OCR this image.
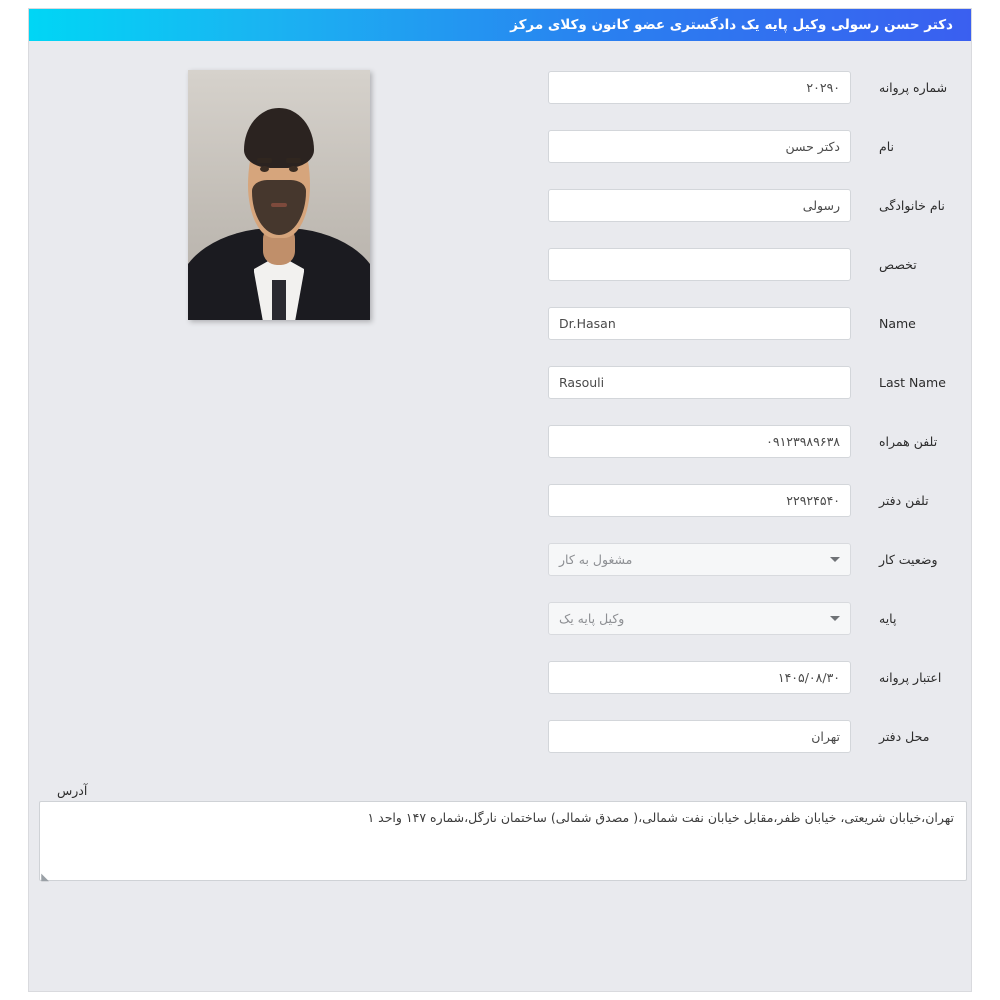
دکتر حسن رسولی وکیل پایه یک دادگستری عضو کانون وکلای مرکز
شماره پروانه
۲۰۲۹۰
نام
دکتر حسن
نام خانوادگی
رسولی
تخصص
Name
Dr.Hasan
Last Name
Rasouli
تلفن همراه
۰۹۱۲۳۹۸۹۶۳۸
تلفن دفتر
۲۲۹۲۴۵۴۰
وضعیت کار
مشغول به کار
پایه
وکیل پایه یک
اعتبار پروانه
۱۴۰۵/۰۸/۳۰
محل دفتر
تهران
آدرس
تهران،خیابان شریعتی، خیابان ظفر،مقابل خیابان نفت شمالی،( مصدق شمالی) ساختمان نارگل،شماره ۱۴۷ واحد ۱
◣
